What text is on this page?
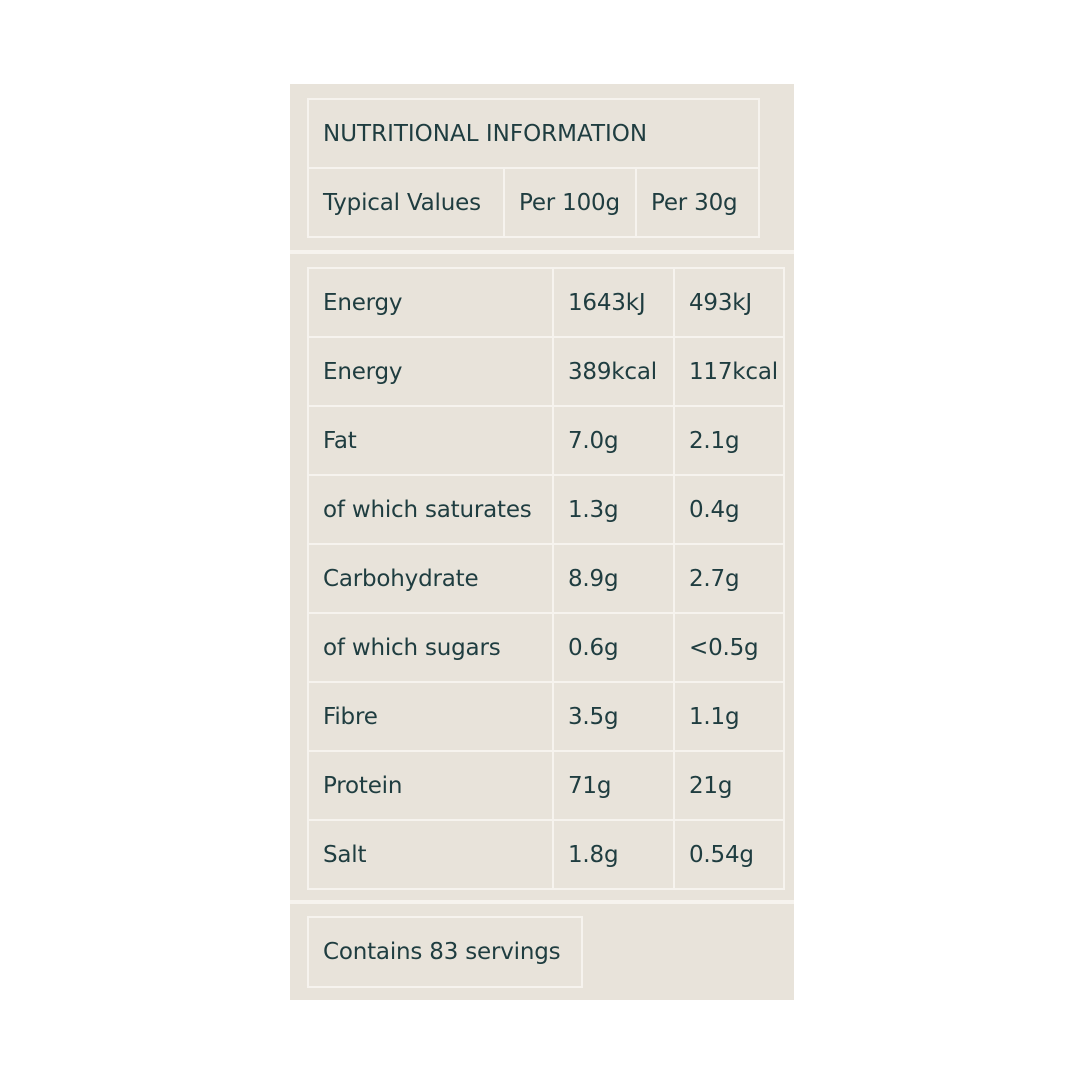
NUTRITIONAL INFORMATION
Typical Values	Per 100g	Per 30g
Energy	1643kJ	493kJ
Energy	389kcal	117kcal
Fat	7.0g	2.1g
of which saturates	1.3g	0.4g
Carbohydrate	8.9g	2.7g
of which sugars	0.6g	<0.5g
Fibre	3.5g	1.1g
Protein	71g	21g
Salt	1.8g	0.54g
Contains 83 servings
